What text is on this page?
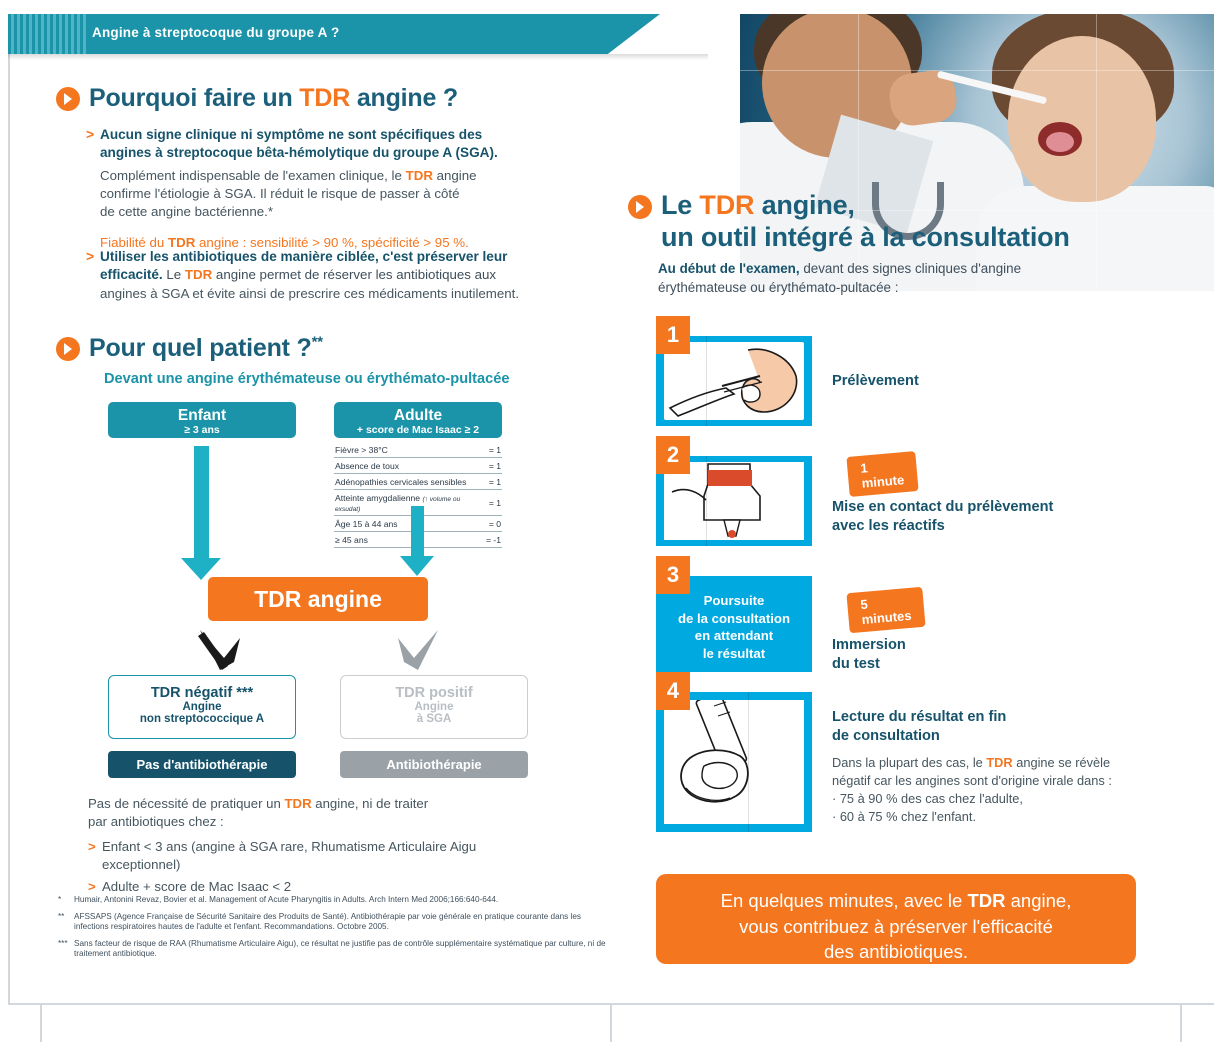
Angine à streptocoque du groupe A ?
Pourquoi faire un TDR angine ?
> Aucun signe clinique ni symptôme ne sont spécifiques des
angines à streptocoque bêta-hémolytique du groupe A (SGA).
Complément indispensable de l'examen clinique, le TDR angine
confirme l'étiologie à SGA. Il réduit le risque de passer à côté
de cette angine bactérienne.*
Fiabilité du TDR angine : sensibilité > 90 %, spécificité > 95 %.
> Utiliser les antibiotiques de manière ciblée, c'est préserver leur
efficacité. Le TDR angine permet de réserver les antibiotiques aux
angines à SGA et évite ainsi de prescrire ces médicaments inutilement.
Pour quel patient ?**
Devant une angine érythémateuse ou érythémato-pultacée
Enfant
≥ 3 ans
Adulte
+ score de Mac Isaac ≥ 2
Fièvre > 38°C	= 1
Absence de toux	= 1
Adénopathies cervicales sensibles	= 1
Atteinte amygdalienne (↑ volume ou exsudat)	= 1
Âge 15 à 44 ans	= 0
≥ 45 ans	= -1
TDR angine
TDR négatif ***
Angine
non streptococcique A
TDR positif
Angine
à SGA
Pas d'antibiothérapie	Antibiothérapie
Pas de nécessité de pratiquer un TDR angine, ni de traiter
par antibiotiques chez :
> Enfant < 3 ans (angine à SGA rare, Rhumatisme Articulaire Aigu
exceptionnel)
> Adulte + score de Mac Isaac < 2
*	Humair, Antonini Revaz, Bovier et al. Management of Acute Pharyngitis in Adults. Arch Intern Med 2006;166:640-644.
**	AFSSAPS (Agence Française de Sécurité Sanitaire des Produits de Santé). Antibiothérapie par voie générale en pratique courante dans les infections respiratoires hautes de l'adulte et l'enfant. Recommandations. Octobre 2005.
*** Sans facteur de risque de RAA (Rhumatisme Articulaire Aigu), ce résultat ne justifie pas de contrôle supplémentaire systématique par culture, ni de traitement antibiotique.
Le TDR angine,
un outil intégré à la consultation
Au début de l'examen, devant des signes cliniques d'angine
érythémateuse ou érythémato-pultacée :
1
Prélèvement
2
1 minute
Mise en contact du prélèvement
avec les réactifs
Poursuite
de la consultation
en attendant
le résultat
3
5 minutes
Immersion du test
4
Lecture du résultat en fin
de consultation
Dans la plupart des cas, le TDR angine se révèle
négatif car les angines sont d'origine virale dans :
· 75 à 90 % des cas chez l'adulte,
· 60 à 75 % chez l'enfant.
En quelques minutes, avec le TDR angine,
vous contribuez à préserver l'efficacité
des antibiotiques.
